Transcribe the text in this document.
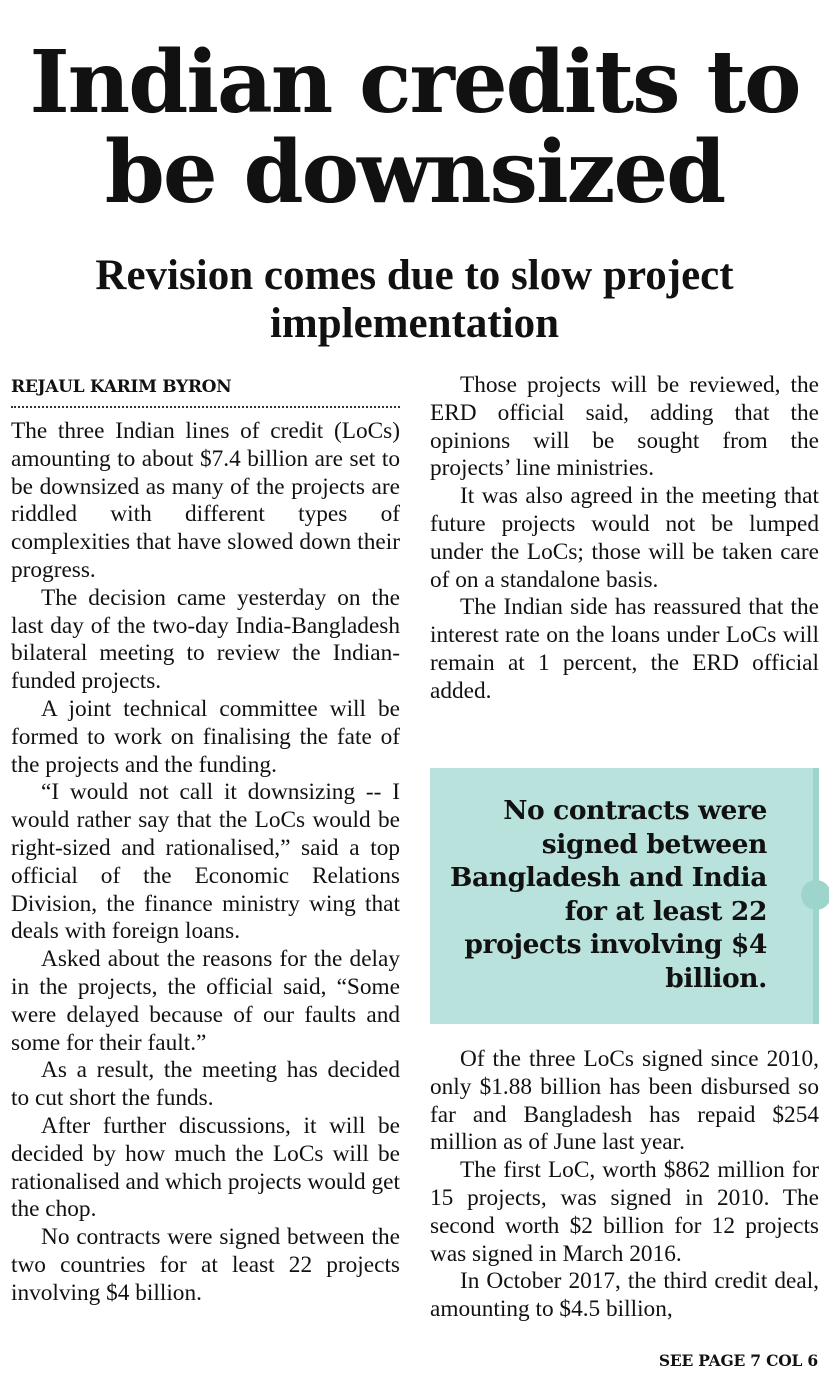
Indian credits to be downsized
Revision comes due to slow project implementation
REJAUL KARIM BYRON

The three Indian lines of credit (LoCs) amounting to about $7.4 billion are set to be downsized as many of the projects are riddled with different types of complexities that have slowed down their progress.

The decision came yesterday on the last day of the two-day India-Bangladesh bilateral meeting to review the Indian-funded projects.

A joint technical committee will be formed to work on finalising the fate of the projects and the funding.

“I would not call it downsizing -- I would rather say that the LoCs would be right-sized and rationalised,” said a top official of the Economic Relations Division, the finance ministry wing that deals with foreign loans.

Asked about the reasons for the delay in the projects, the official said, “Some were delayed because of our faults and some for their fault.”

As a result, the meeting has decided to cut short the funds.

After further discussions, it will be decided by how much the LoCs will be rationalised and which projects would get the chop.

No contracts were signed between the two countries for at least 22 projects involving $4 billion.

Those projects will be reviewed, the ERD official said, adding that the opinions will be sought from the projects’ line ministries.

It was also agreed in the meeting that future projects would not be lumped under the LoCs; those will be taken care of on a standalone basis.

The Indian side has reassured that the interest rate on the loans under LoCs will remain at 1 percent, the ERD official added.

No contracts were signed between Bangladesh and India for at least 22 projects involving $4 billion.

Of the three LoCs signed since 2010, only $1.88 billion has been disbursed so far and Bangladesh has repaid $254 million as of June last year.

The first LoC, worth $862 million for 15 projects, was signed in 2010. The second worth $2 billion for 12 projects was signed in March 2016.

In October 2017, the third credit deal, amounting to $4.5 billion,

SEE PAGE 7 COL 6
